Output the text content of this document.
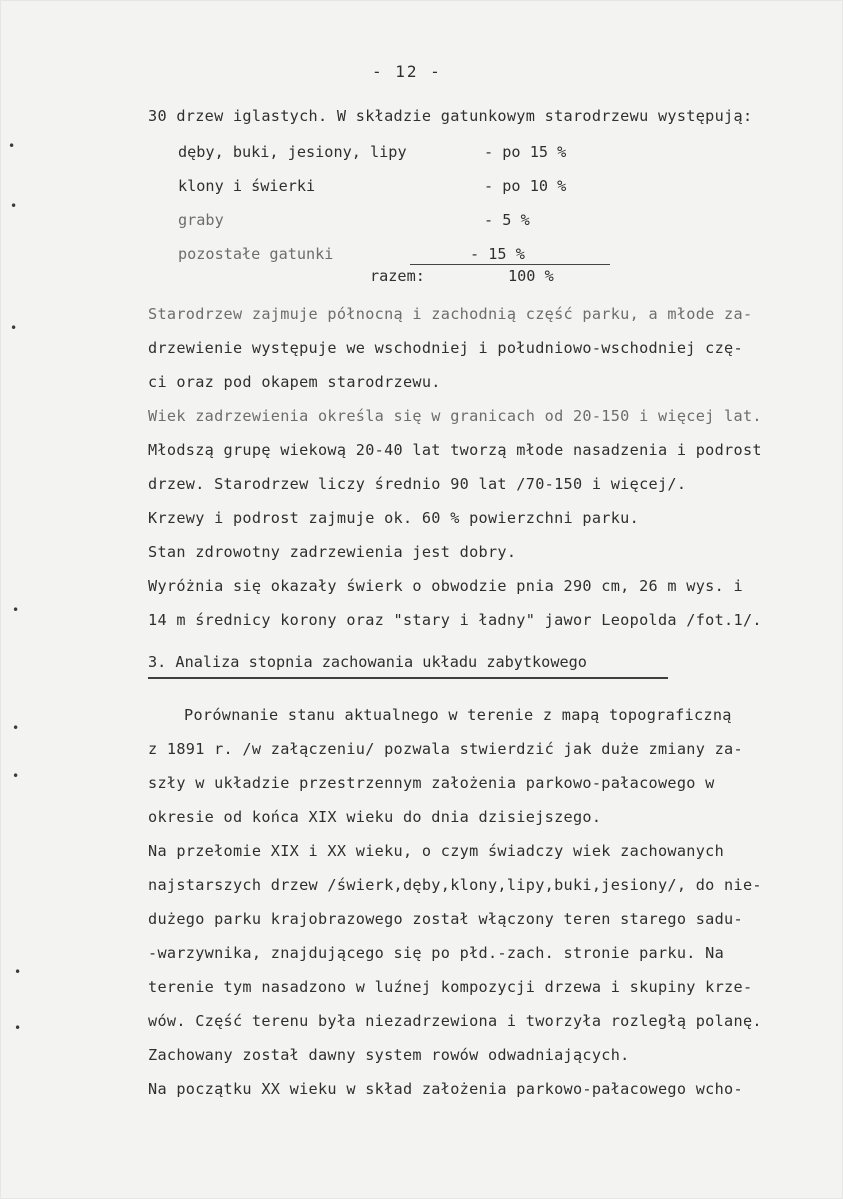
•
•
•
•
•
•
•
•
- 12 -
30 drzew iglastych. W składzie gatunkowym starodrzewu występują:
dęby, buki, jesiony, lipy	- po 15 %
klony i świerki	- po 10 %
graby	- 5 %
pozostałe gatunki	- 15 %
razem:	100 %
Starodrzew zajmuje północną i zachodnią część parku, a młode za-
drzewienie występuje we wschodniej i południowo-wschodniej czę-
ci oraz pod okapem starodrzewu.
Wiek zadrzewienia określa się w granicach od 20-150 i więcej lat.
Młodszą grupę wiekową 20-40 lat tworzą młode nasadzenia i podrost
drzew. Starodrzew liczy średnio 90 lat /70-150 i więcej/.
Krzewy i podrost zajmuje ok. 60 % powierzchni parku.
Stan zdrowotny zadrzewienia jest dobry.
Wyróżnia się okazały świerk o obwodzie pnia 290 cm, 26 m wys. i
14 m średnicy korony oraz "stary i ładny" jawor Leopolda /fot.1/.
3. Analiza stopnia zachowania układu zabytkowego
Porównanie stanu aktualnego w terenie z mapą topograficzną
z 1891 r. /w załączeniu/ pozwala stwierdzić jak duże zmiany za-
szły w układzie przestrzennym założenia parkowo-pałacowego w
okresie od końca XIX wieku do dnia dzisiejszego.
Na przełomie XIX i XX wieku, o czym świadczy wiek zachowanych
najstarszych drzew /świerk,dęby,klony,lipy,buki,jesiony/, do nie-
dużego parku krajobrazowego został włączony teren starego sadu-
-warzywnika, znajdującego się po płd.-zach. stronie parku. Na
terenie tym nasadzono w luźnej kompozycji drzewa i skupiny krze-
wów. Część terenu była niezadrzewiona i tworzyła rozległą polanę.
Zachowany został dawny system rowów odwadniających.
Na początku XX wieku w skład założenia parkowo-pałacowego wcho-
